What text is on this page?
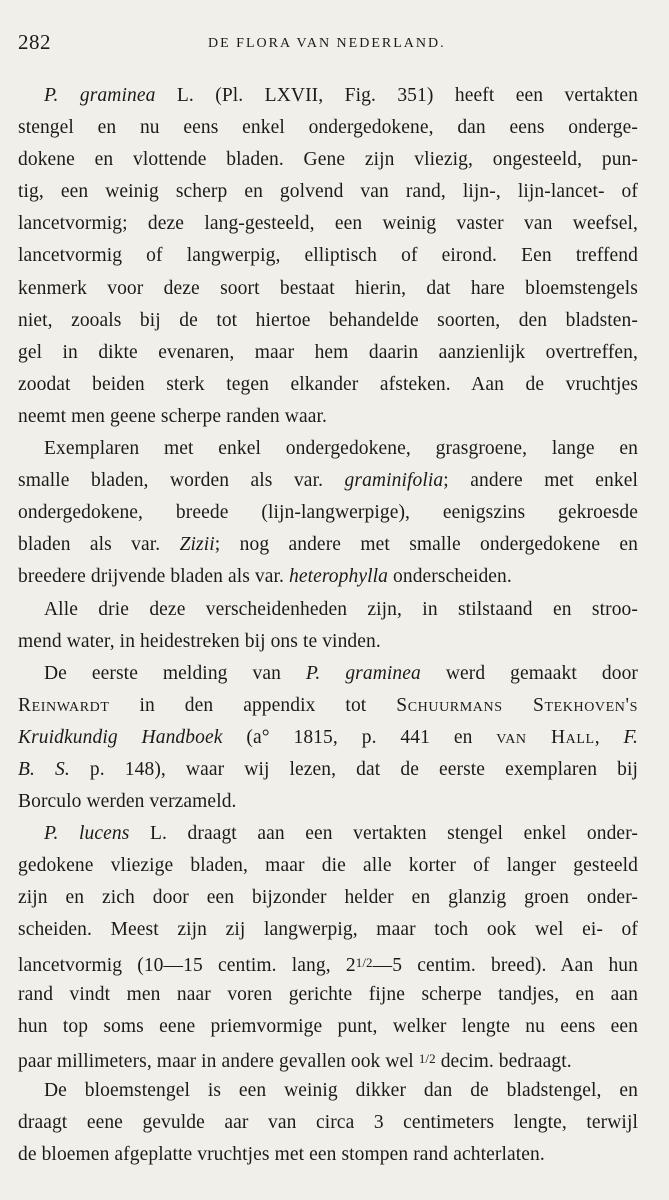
282	DE FLORA VAN NEDERLAND.
P. graminea L. (Pl. LXVII, Fig. 351) heeft een vertakten
stengel en nu eens enkel ondergedokene, dan eens onderge-
dokene en vlottende bladen. Gene zijn vliezig, ongesteeld, pun-
tig, een weinig scherp en golvend van rand, lijn-, lijn-lancet- of
lancetvormig; deze lang-gesteeld, een weinig vaster van weefsel,
lancetvormig of langwerpig, elliptisch of eirond. Een treffend
kenmerk voor deze soort bestaat hierin, dat hare bloemstengels
niet, zooals bij de tot hiertoe behandelde soorten, den bladsten-
gel in dikte evenaren, maar hem daarin aanzienlijk overtreffen,
zoodat beiden sterk tegen elkander afsteken. Aan de vruchtjes
neemt men geene scherpe randen waar.
Exemplaren met enkel ondergedokene, grasgroene, lange en
smalle bladen, worden als var. graminifolia; andere met enkel
ondergedokene, breede (lijn-langwerpige), eenigszins gekroesde
bladen als var. Zizii; nog andere met smalle ondergedokene en
breedere drijvende bladen als var. heterophylla onderscheiden.
Alle drie deze verscheidenheden zijn, in stilstaand en stroo-
mend water, in heidestreken bij ons te vinden.
De eerste melding van P. graminea werd gemaakt door
Reinwardt in den appendix tot Schuurmans Stekhoven's
Kruidkundig Handboek (a° 1815, p. 441 en van Hall, F.
B. S. p. 148), waar wij lezen, dat de eerste exemplaren bij
Borculo werden verzameld.
P. lucens L. draagt aan een vertakten stengel enkel onder-
gedokene vliezige bladen, maar die alle korter of langer gesteeld
zijn en zich door een bijzonder helder en glanzig groen onder-
scheiden. Meest zijn zij langwerpig, maar toch ook wel ei- of
lancetvormig (10—15 centim. lang, $2^{1/2}—5$ centim. breed). Aan hun
rand vindt men naar voren gerichte fijne scherpe tandjes, en aan
hun top soms eene priemvormige punt, welker lengte nu eens een
paar millimeters, maar in andere gevallen ook wel $^{1/2}$ decim. bedraagt.
De bloemstengel is een weinig dikker dan de bladstengel, en
draagt eene gevulde aar van circa 3 centimeters lengte, terwijl
de bloemen afgeplatte vruchtjes met een stompen rand achterlaten.
